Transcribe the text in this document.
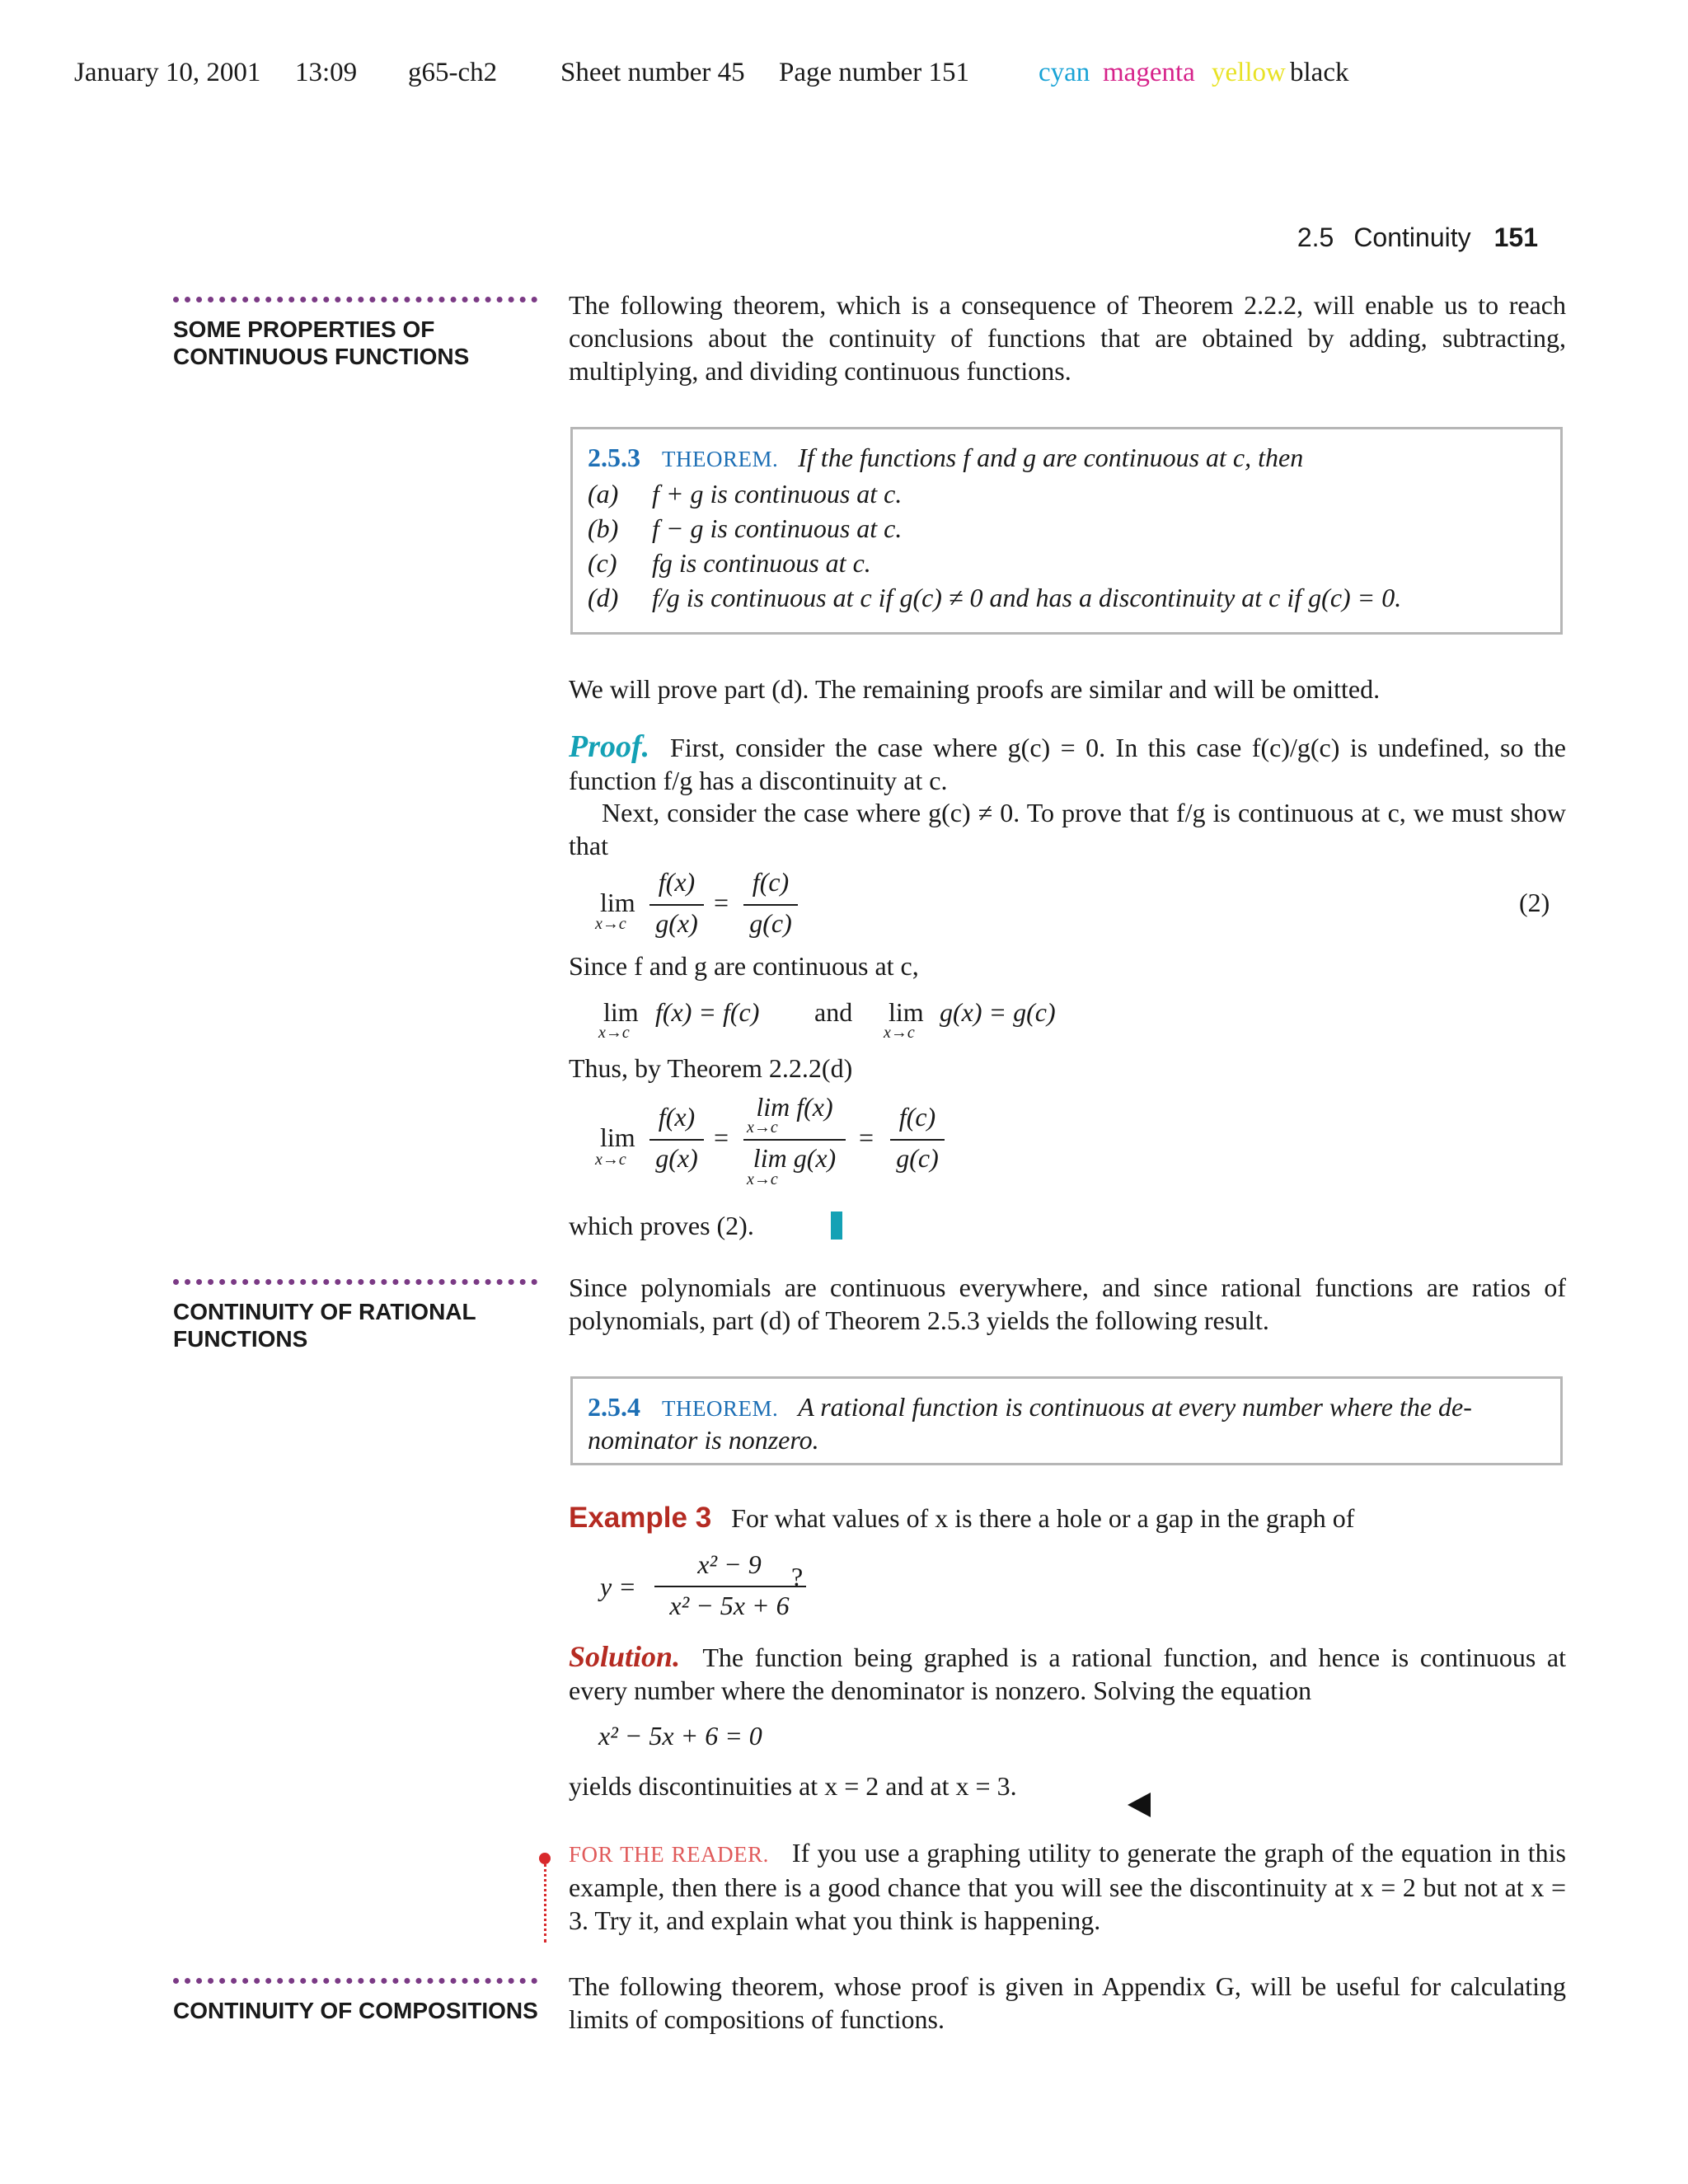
January 10, 2001 13:09 g65-ch2 Sheet number 45 Page number 151	cyan magenta yellow black
2.5 Continuity 151
SOME PROPERTIES OF
CONTINUOUS FUNCTIONS
The following theorem, which is a consequence of Theorem 2.2.2, will enable us to reach conclusions about the continuity of functions that are obtained by adding, subtracting, multiplying, and dividing continuous functions.
2.5.3 THEOREM. If the functions f and g are continuous at c, then
(a) f + g is continuous at c.
(b) f − g is continuous at c.
(c) fg is continuous at c.
(d) f/g is continuous at c if g(c) ≠ 0 and has a discontinuity at c if g(c) = 0.
We will prove part (d). The remaining proofs are similar and will be omitted.
Proof. First, consider the case where g(c) = 0. In this case f(c)/g(c) is undefined, so the function f/g has a discontinuity at c.
Next, consider the case where g(c) ≠ 0. To prove that f/g is continuous at c, we must show that
lim
x→c
f(x)
g(x)
=
f(c)
g(c)
(2)
Since f and g are continuous at c,
lim
x→c
f(x) = f(c) and lim
x→c
g(x) = g(c)
Thus, by Theorem 2.2.2(d)
lim
x→c
f(x)
g(x)
=
lim f(x)
x→c
lim g(x)
x→c
=
f(c)
g(c)
which proves (2).
CONTINUITY OF RATIONAL
FUNCTIONS
Since polynomials are continuous everywhere, and since rational functions are ratios of polynomials, part (d) of Theorem 2.5.3 yields the following result.
2.5.4 THEOREM. A rational function is continuous at every number where the de-
nominator is nonzero.
Example 3 For what values of x is there a hole or a gap in the graph of
y =
x² − 9
x² − 5x + 6
?
Solution. The function being graphed is a rational function, and hence is continuous at every number where the denominator is nonzero. Solving the equation
x² − 5x + 6 = 0
yields discontinuities at x = 2 and at x = 3.
FOR THE READER. If you use a graphing utility to generate the graph of the equation in this example, then there is a good chance that you will see the discontinuity at x = 2 but not at x = 3. Try it, and explain what you think is happening.
CONTINUITY OF COMPOSITIONS
The following theorem, whose proof is given in Appendix G, will be useful for calculating limits of compositions of functions.
